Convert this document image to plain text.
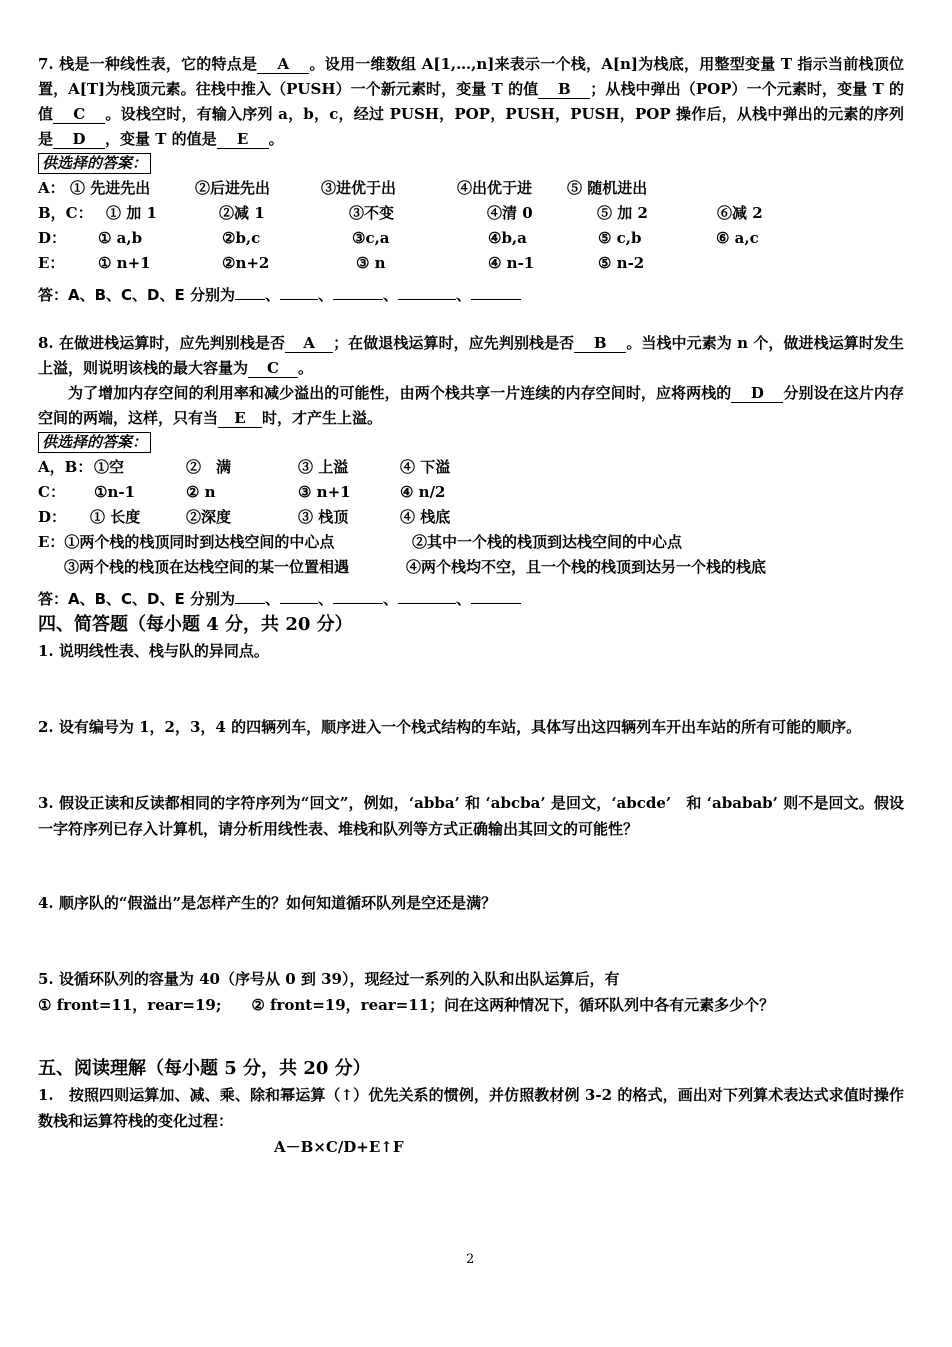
7. 栈是一种线性表，它的特点是 A 。设用一维数组 A[1,…,n]来表示一个栈，A[n]为栈底，用整型变量 T 指示当前栈顶位置，A[T]为栈顶元素。往栈中推入（PUSH）一个新元素时，变量 T 的值 B ；从栈中弹出（POP）一个元素时，变量 T 的值 C 。设栈空时，有输入序列 a，b，c，经过 PUSH，POP，PUSH，PUSH，POP 操作后，从栈中弹出的元素的序列是 D ，变量 T 的值是 E 。

供选择的答案：
A： ① 先进先出	②后进先出	③进优于出	④出优于进	⑤ 随机进出
B，C： ① 加 1	②减 1	③不变	④清 0	⑤ 加 2	⑥减 2
D：	① a,b	②b,c	③c,a	④b,a	⑤ c,b	⑥ a,c
E：	① n+1	②n+2	③ n	④ n-1	⑤ n-2
答：A、B、C、D、E 分别为 、	、	、	、

8. 在做进栈运算时，应先判别栈是否 A ；在做退栈运算时，应先判别栈是否 B 。当栈中元素为 n 个，做进栈运算时发生上溢，则说明该栈的最大容量为 C 。

为了增加内存空间的利用率和减少溢出的可能性，由两个栈共享一片连续的内存空间时，应将两栈的 D 分别设在这片内存空间的两端，这样，只有当 E 时，才产生上溢。

供选择的答案：
A，B： ①空	②　满	③ 上溢	④ 下溢
C：	①n-1	② n	③ n+1	④ n/2
D：	① 长度	②深度	③ 栈顶	④ 栈底
E：①两个栈的栈顶同时到达栈空间的中心点	②其中一个栈的栈顶到达栈空间的中心点
③两个栈的栈顶在达栈空间的某一位置相遇	④两个栈均不空，且一个栈的栈顶到达另一个栈的栈底
答：A、B、C、D、E 分别为 、	、	、	、
四、简答题（每小题 4 分，共 20 分）

1. 说明线性表、栈与队的异同点。

2. 设有编号为 1，2，3，4 的四辆列车，顺序进入一个栈式结构的车站，具体写出这四辆列车开出车站的所有可能的顺序。

3. 假设正读和反读都相同的字符序列为“回文”，例如，‘abba’ 和 ‘abcba’ 是回文，‘abcde’　和 ‘ababab’ 则不是回文。假设一字符序列已存入计算机，请分析用线性表、堆栈和队列等方式正确输出其回文的可能性？

4. 顺序队的“假溢出”是怎样产生的？如何知道循环队列是空还是满？

5. 设循环队列的容量为 40（序号从 0 到 39），现经过一系列的入队和出队运算后，有

① front=11，rear=19;　　② front=19，rear=11；问在这两种情况下，循环队列中各有元素多少个？

五、阅读理解（每小题 5 分，共 20 分）

1.　按照四则运算加、减、乘、除和幂运算（↑）优先关系的惯例，并仿照教材例 3-2 的格式，画出对下列算术表达式求值时操作数栈和运算符栈的变化过程：

A－B×C/D+E↑F
2
